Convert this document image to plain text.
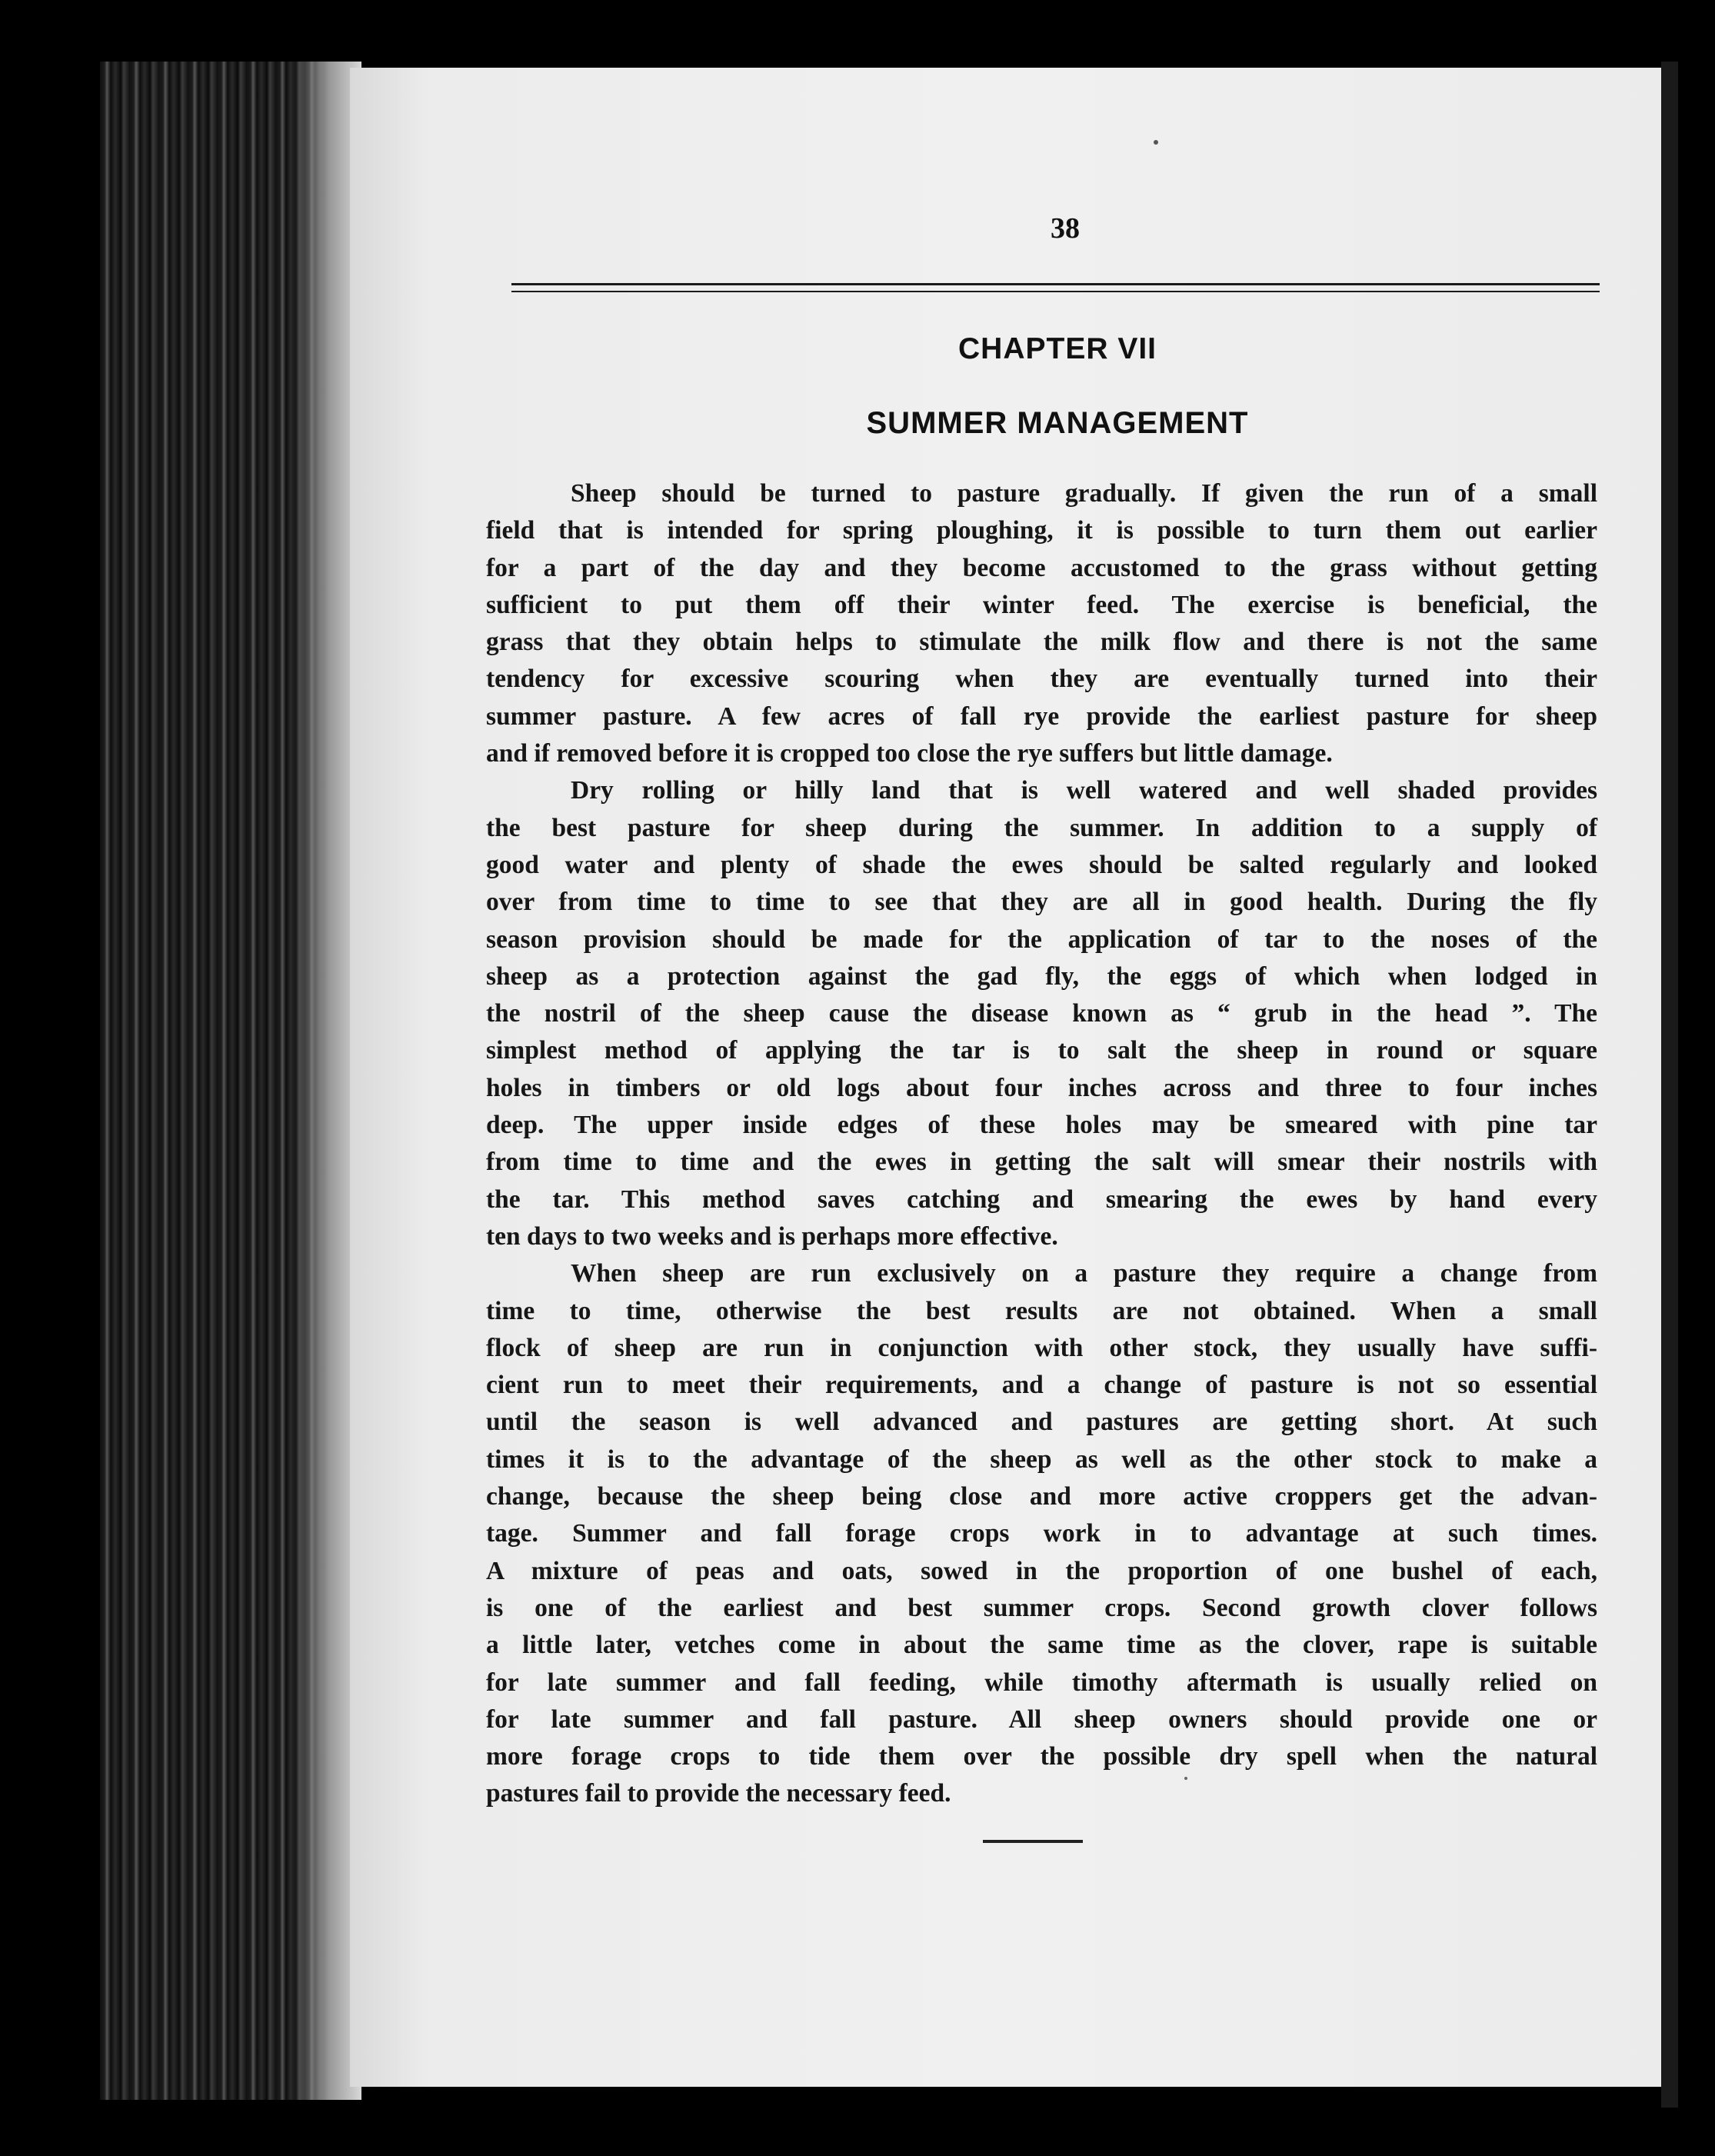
38
CHAPTER VII
SUMMER MANAGEMENT
Sheep should be turned to pasture gradually. If given the run of a small
field that is intended for spring ploughing, it is possible to turn them out earlier
for a part of the day and they become accustomed to the grass without getting
sufficient to put them off their winter feed. The exercise is beneficial, the
grass that they obtain helps to stimulate the milk flow and there is not the same
tendency for excessive scouring when they are eventually turned into their
summer pasture. A few acres of fall rye provide the earliest pasture for sheep
and if removed before it is cropped too close the rye suffers but little damage.
Dry rolling or hilly land that is well watered and well shaded provides
the best pasture for sheep during the summer. In addition to a supply of
good water and plenty of shade the ewes should be salted regularly and looked
over from time to time to see that they are all in good health. During the fly
season provision should be made for the application of tar to the noses of the
sheep as a protection against the gad fly, the eggs of which when lodged in
the nostril of the sheep cause the disease known as “ grub in the head ”. The
simplest method of applying the tar is to salt the sheep in round or square
holes in timbers or old logs about four inches across and three to four inches
deep. The upper inside edges of these holes may be smeared with pine tar
from time to time and the ewes in getting the salt will smear their nostrils with
the tar. This method saves catching and smearing the ewes by hand every
ten days to two weeks and is perhaps more effective.
When sheep are run exclusively on a pasture they require a change from
time to time, otherwise the best results are not obtained. When a small
flock of sheep are run in conjunction with other stock, they usually have suffi-
cient run to meet their requirements, and a change of pasture is not so essential
until the season is well advanced and pastures are getting short. At such
times it is to the advantage of the sheep as well as the other stock to make a
change, because the sheep being close and more active croppers get the advan-
tage. Summer and fall forage crops work in to advantage at such times.
A mixture of peas and oats, sowed in the proportion of one bushel of each,
is one of the earliest and best summer crops. Second growth clover follows
a little later, vetches come in about the same time as the clover, rape is suitable
for late summer and fall feeding, while timothy aftermath is usually relied on
for late summer and fall pasture. All sheep owners should provide one or
more forage crops to tide them over the possible dry spell when the natural
pastures fail to provide the necessary feed.
